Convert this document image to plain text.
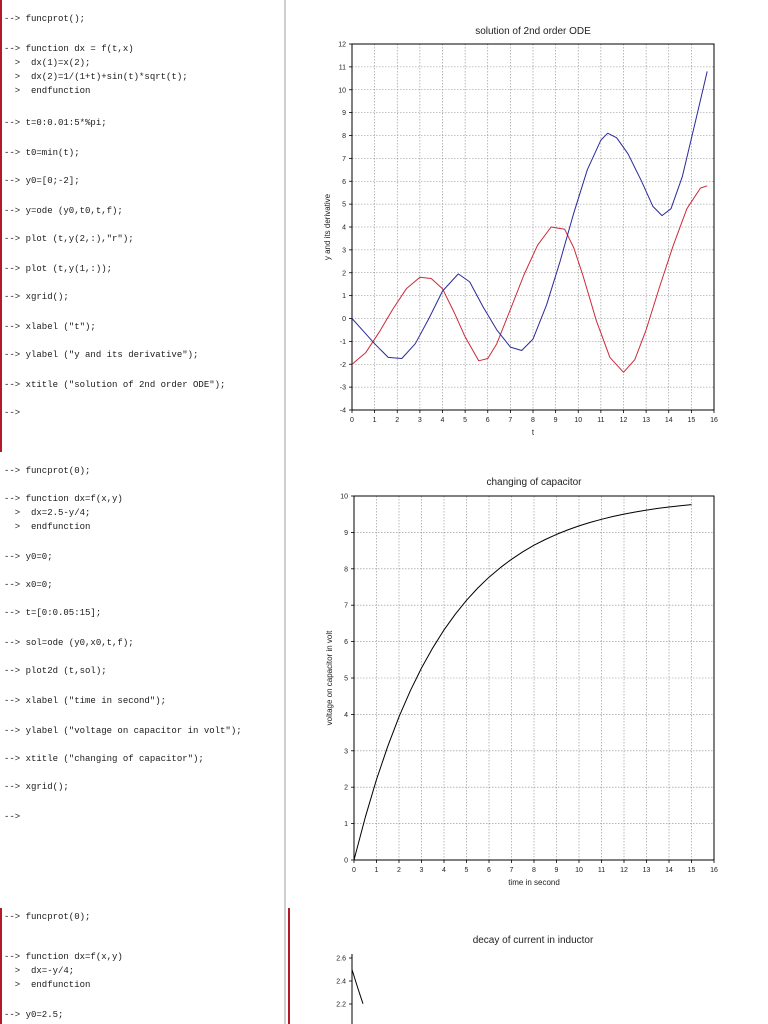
--> funcprot();
--> function dx = f(t,x)
>  dx(1)=x(2);
>  dx(2)=1/(1+t)+sin(t)*sqrt(t);
>  endfunction
--> t=0:0.01:5*%pi;
--> t0=min(t);
--> y0=[0;-2];
--> y=ode (y0,t0,t,f);
--> plot (t,y(2,:),"r");
--> plot (t,y(1,:));
--> xgrid();
--> xlabel ("t");
--> ylabel ("y and its derivative");
--> xtitle ("solution of 2nd order ODE");
-->
solution of 2nd order ODE
0	1	2	3	4	5	6	7	8	9 10 11 12 13 14 15 16
-4
-3
-2
-1
0
1
2
3
4
5
6
7
8
9
10
11
12
t
y and its derivative
--> funcprot(0);
--> function dx=f(x,y)
>  dx=2.5-y/4;
>  endfunction
--> y0=0;
--> x0=0;
--> t=[0:0.05:15];
--> sol=ode (y0,x0,t,f);
--> plot2d (t,sol);
--> xlabel ("time in second");
--> ylabel ("voltage on capacitor in volt");
--> xtitle ("changing of capacitor");
--> xgrid();
-->
changing of capacitor
0	1	2	3	4	5	6	7	8	9 10 11 12 13 14 15 16
0
1
2
3
4
5
6
7
8
9
10
time in second
voltage on capacitor in volt
--> funcprot(0);
--> function dx=f(x,y)
>  dx=-y/4;
>  endfunction
--> y0=2.5;
decay of current in inductor
2.2
2.4
2.6
